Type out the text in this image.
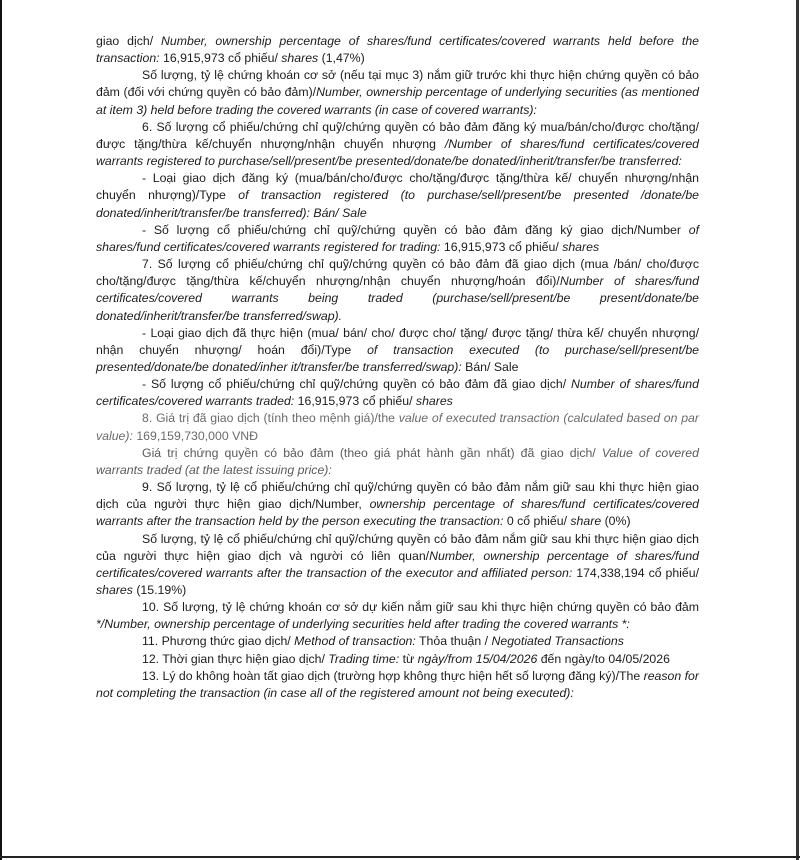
giao dịch/ Number, ownership percentage of shares/fund certificates/covered warrants held before the transaction: 16,915,973 cổ phiếu/ shares (1,47%)

Số lượng, tỷ lệ chứng khoán cơ sở (nếu tại mục 3) nắm giữ trước khi thực hiện chứng quyền có bảo đảm (đối với chứng quyền có bảo đảm)/Number, ownership percentage of underlying securities (as mentioned at item 3) held before trading the covered warrants (in case of covered warrants):

6. Số lượng cổ phiếu/chứng chỉ quỹ/chứng quyền có bảo đảm đăng ký mua/bán/cho/được cho/tặng/được tặng/thừa kế/chuyển nhượng/nhận chuyển nhượng /Number of shares/fund certificates/covered warrants registered to purchase/sell/present/be presented/donate/be donated/inherit/transfer/be transferred:

- Loại giao dịch đăng ký (mua/bán/cho/được cho/tặng/được tặng/thừa kế/ chuyển nhượng/nhận chuyển nhượng)/Type of transaction registered (to purchase/sell/present/be presented /donate/be donated/inherit/transfer/be transferred): Bán/ Sale

- Số lượng cổ phiếu/chứng chỉ quỹ/chứng quyền có bảo đảm đăng ký giao dịch/Number of shares/fund certificates/covered warrants registered for trading: 16,915,973 cổ phiếu/ shares

7. Số lượng cổ phiếu/chứng chỉ quỹ/chứng quyền có bảo đảm đã giao dịch (mua /bán/ cho/được cho/tặng/được tặng/thừa kế/chuyển nhượng/nhận chuyển nhượng/hoán đổi)/Number of shares/fund certificates/covered warrants being traded (purchase/sell/present/be present/donate/be donated/inherit/transfer/be transferred/swap).

- Loại giao dịch đã thực hiện (mua/ bán/ cho/ được cho/ tặng/ được tặng/ thừa kế/ chuyển nhượng/ nhận chuyển nhượng/ hoán đổi)/Type of transaction executed (to purchase/sell/present/be presented/donate/be donated/inher it/transfer/be transferred/swap): Bán/ Sale

- Số lượng cổ phiếu/chứng chỉ quỹ/chứng quyền có bảo đảm đã giao dịch/ Number of shares/fund certificates/covered warrants traded: 16,915,973 cổ phiếu/ shares

8. Giá trị đã giao dịch (tính theo mệnh giá)/the value of executed transaction (calculated based on par value): 169,159,730,000 VNĐ

Giá trị chứng quyền có bảo đảm (theo giá phát hành gần nhất) đã giao dịch/ Value of covered warrants traded (at the latest issuing price):

9. Số lượng, tỷ lệ cổ phiếu/chứng chỉ quỹ/chứng quyền có bảo đảm nắm giữ sau khi thực hiện giao dịch của người thực hiện giao dịch/Number, ownership percentage of shares/fund certificates/covered warrants after the transaction held by the person executing the transaction: 0 cổ phiếu/ share (0%)

Số lượng, tỷ lệ cổ phiếu/chứng chỉ quỹ/chứng quyền có bảo đảm nắm giữ sau khi thực hiện giao dịch của người thực hiện giao dịch và người có liên quan/Number, ownership percentage of shares/fund certificates/covered warrants after the transaction of the executor and affiliated person: 174,338,194 cổ phiếu/ shares (15.19%)

10. Số lượng, tỷ lệ chứng khoán cơ sở dự kiến nắm giữ sau khi thực hiện chứng quyền có bảo đảm */Number, ownership percentage of underlying securities held after trading the covered warrants *:

11. Phương thức giao dịch/ Method of transaction: Thỏa thuận / Negotiated Transactions

12. Thời gian thực hiện giao dịch/ Trading time: từ ngày/from 15/04/2026 đến ngày/to 04/05/2026

13. Lý do không hoàn tất giao dịch (trường hợp không thực hiện hết số lượng đăng ký)/The reason for not completing the transaction (in case all of the registered amount not being executed):
